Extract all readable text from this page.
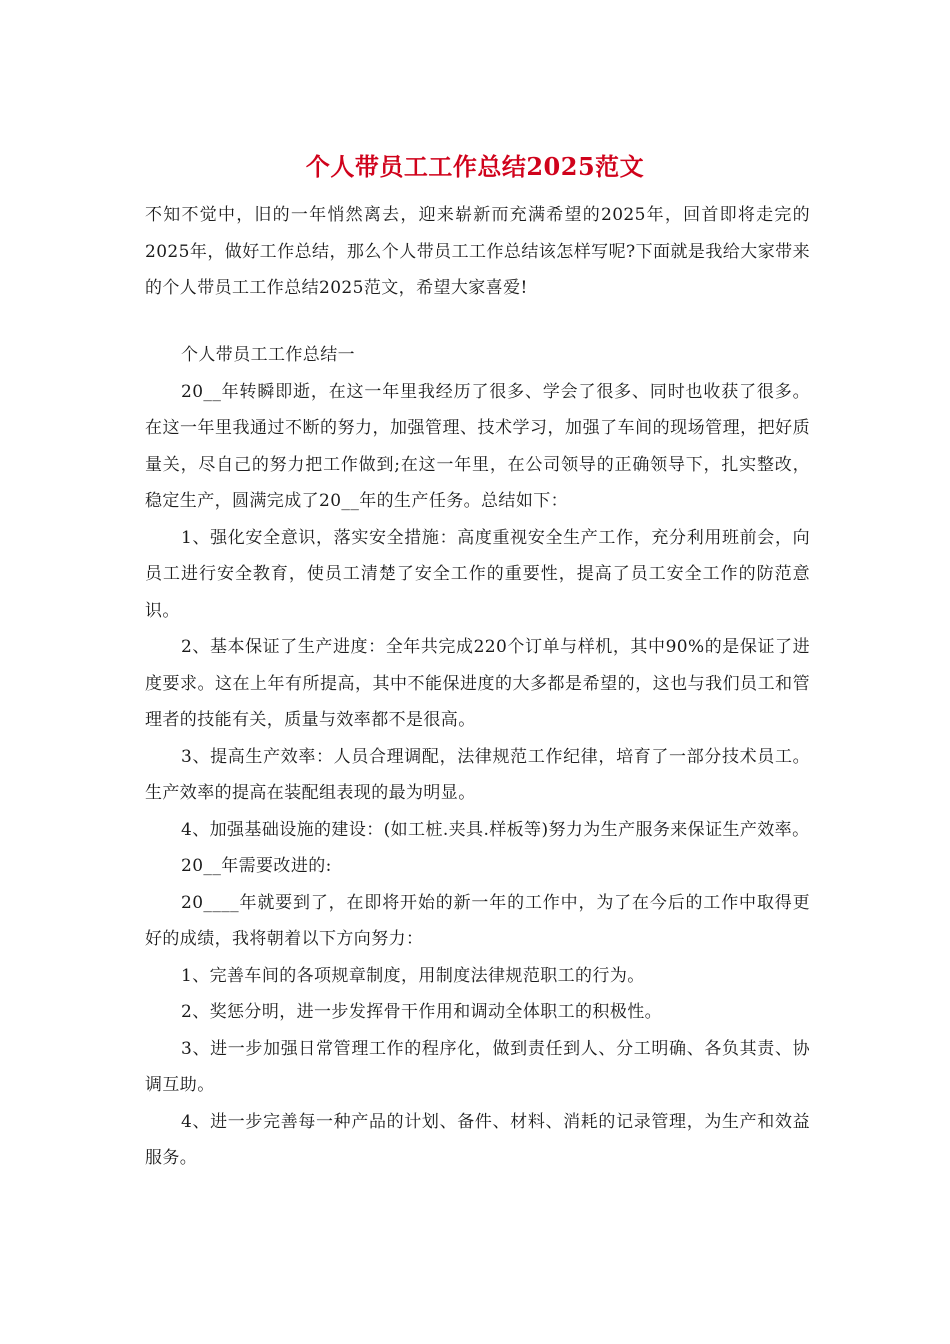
个人带员工工作总结2025范文

不知不觉中，旧的一年悄然离去，迎来崭新而充满希望的2025年，回首即将走完的2025年，做好工作总结，那么个人带员工工作总结该怎样写呢?下面就是我给大家带来的个人带员工工作总结2025范文，希望大家喜爱!

个人带员工工作总结一

20__年转瞬即逝，在这一年里我经历了很多、学会了很多、同时也收获了很多。在这一年里我通过不断的努力，加强管理、技术学习，加强了车间的现场管理，把好质量关，尽自己的努力把工作做到;在这一年里，在公司领导的正确领导下，扎实整改，稳定生产，圆满完成了20__年的生产任务。总结如下：

1、强化安全意识，落实安全措施：高度重视安全生产工作，充分利用班前会，向员工进行安全教育，使员工清楚了安全工作的重要性，提高了员工安全工作的防范意识。

2、基本保证了生产进度：全年共完成220个订单与样机，其中90%的是保证了进度要求。这在上年有所提高，其中不能保进度的大多都是希望的，这也与我们员工和管理者的技能有关，质量与效率都不是很高。

3、提高生产效率：人员合理调配，法律规范工作纪律，培育了一部分技术员工。生产效率的提高在装配组表现的最为明显。

4、加强基础设施的建设：(如工桩.夹具.样板等)努力为生产服务来保证生产效率。

20__年需要改进的:

20____年就要到了，在即将开始的新一年的工作中，为了在今后的工作中取得更好的成绩，我将朝着以下方向努力：

1、完善车间的各项规章制度，用制度法律规范职工的行为。

2、奖惩分明，进一步发挥骨干作用和调动全体职工的积极性。

3、进一步加强日常管理工作的程序化，做到责任到人、分工明确、各负其责、协调互助。

4、进一步完善每一种产品的计划、备件、材料、消耗的记录管理，为生产和效益服务。
